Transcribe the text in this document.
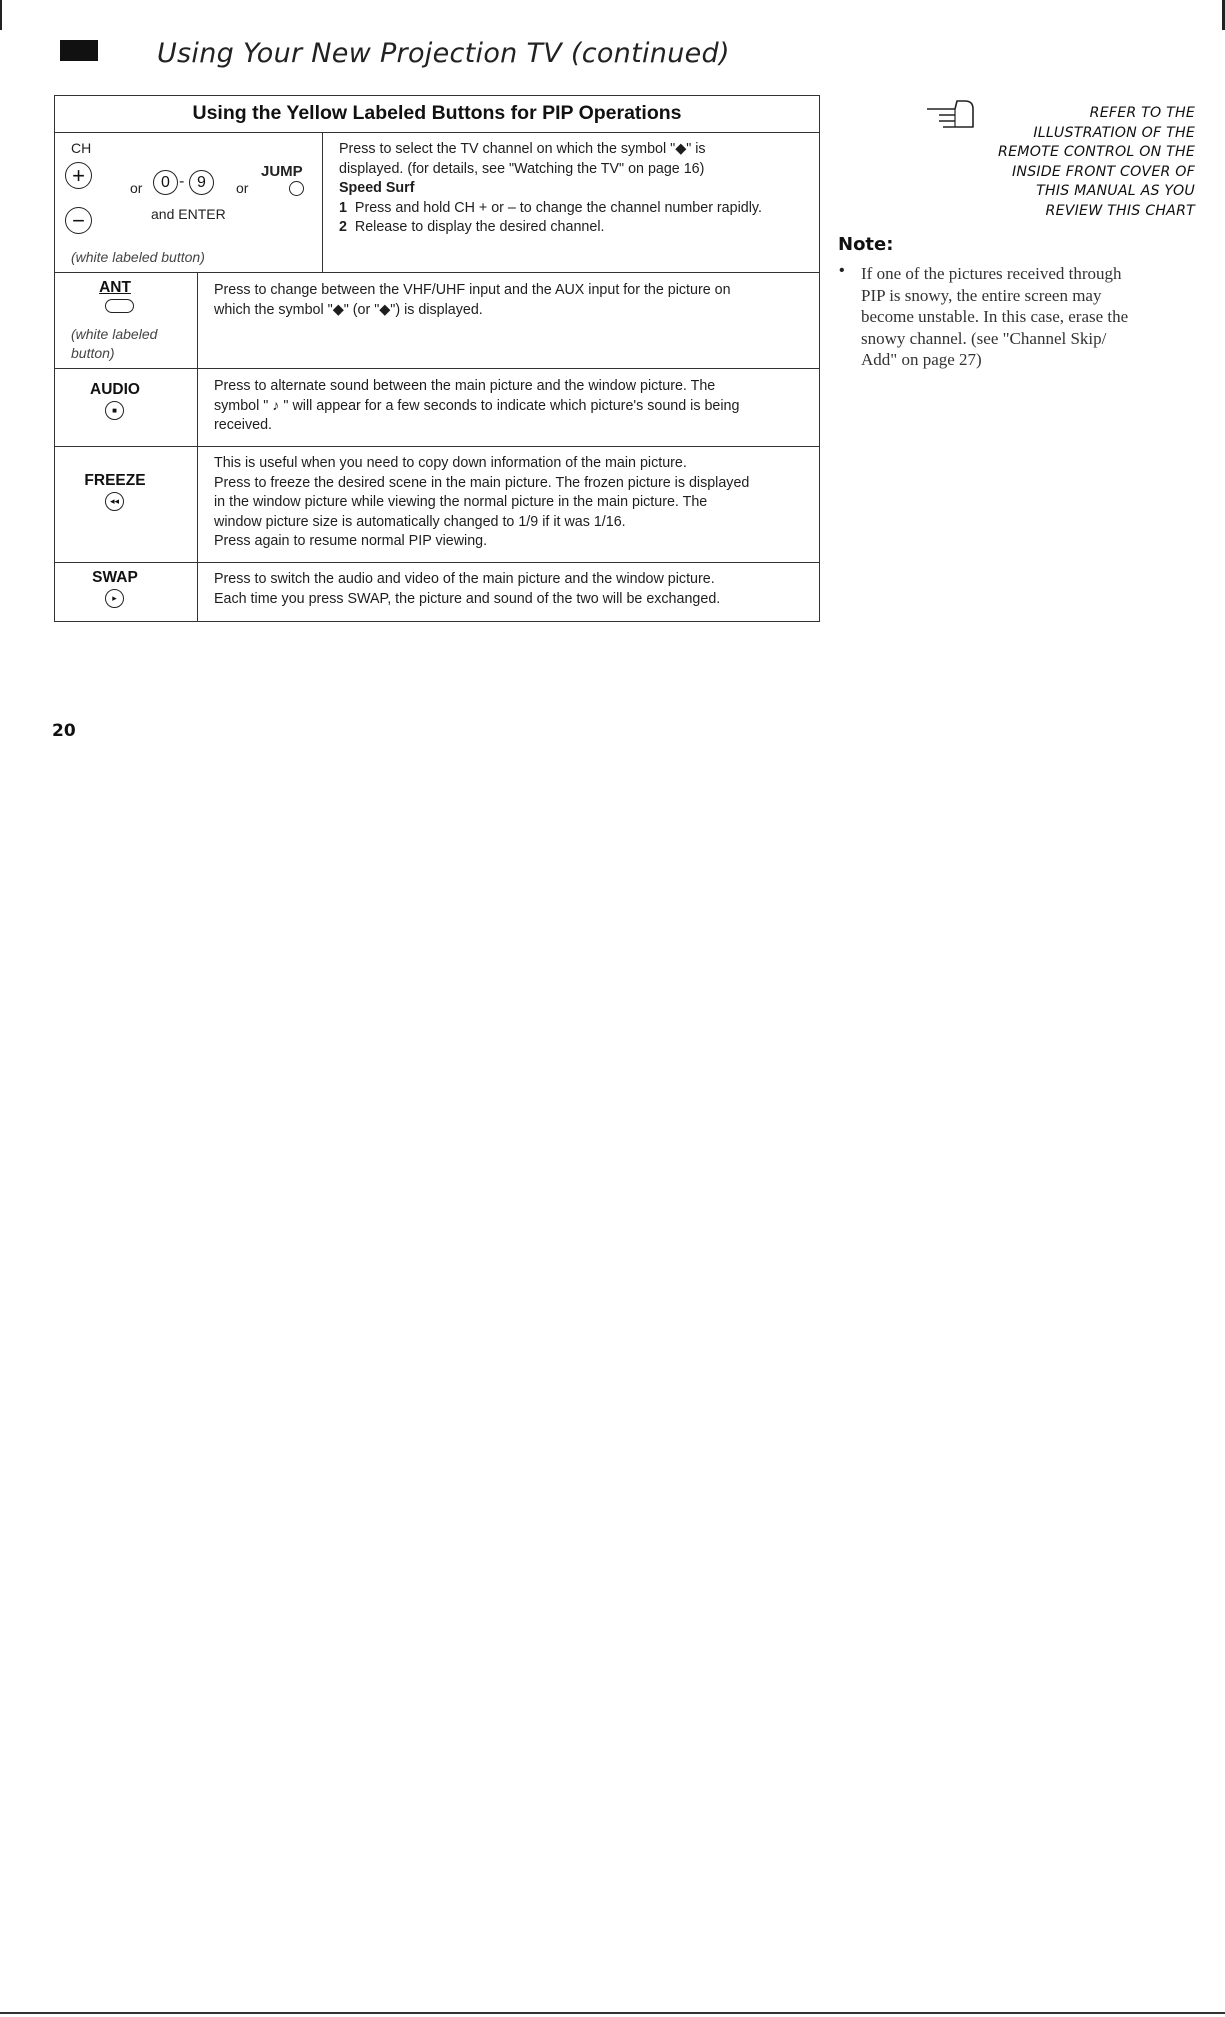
Using Your New Projection TV (continued)
Using the Yellow Labeled Buttons for PIP Operations
CH
+
−
or 0 - 9 or
JUMP
and ENTER
(white labeled button)

Press to select the TV channel on which the symbol "◆" is

displayed. (for details, see "Watching the TV" on page 16)

Speed Surf

1 Press and hold CH + or – to change the channel number rapidly.

2 Release to display the desired channel.

ANT
(white labeled
button)

Press to change between the VHF/UHF input and the AUX input for the picture on

which the symbol "◆" (or "◆") is displayed.

AUDIO
■

Press to alternate sound between the main picture and the window picture. The

symbol " ♪ " will appear for a few seconds to indicate which picture's sound is being

received.

FREEZE
◂◂

This is useful when you need to copy down information of the main picture.

Press to freeze the desired scene in the main picture. The frozen picture is displayed

in the window picture while viewing the normal picture in the main picture. The

window picture size is automatically changed to 1/9 if it was 1/16.

Press again to resume normal PIP viewing.

SWAP
▸

Press to switch the audio and video of the main picture and the window picture.

Each time you press SWAP, the picture and sound of the two will be exchanged.

REFER TO THE

ILLUSTRATION OF THE

REMOTE CONTROL ON THE

INSIDE FRONT COVER OF

THIS MANUAL AS YOU

REVIEW THIS CHART

Note:
• If one of the pictures received through

PIP is snowy, the entire screen may

become unstable. In this case, erase the

snowy channel. (see "Channel Skip/

Add" on page 27)

20
